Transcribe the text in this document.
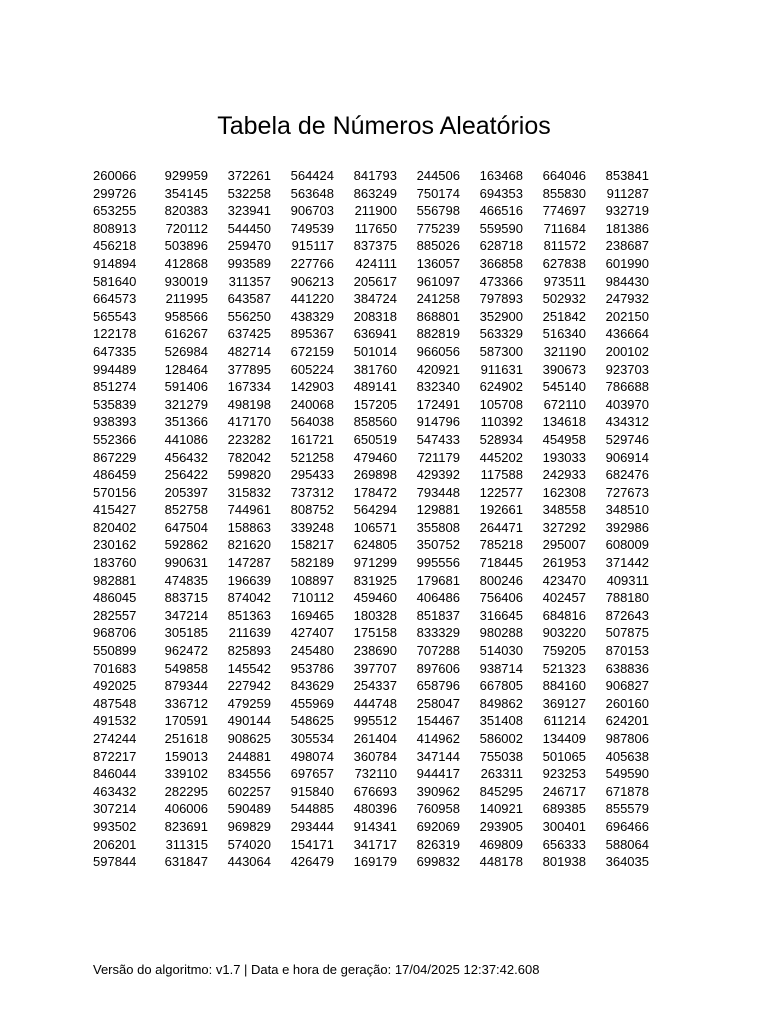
Tabela de Números Aleatórios
260066	929959	372261	564424	841793	244506	163468	664046	853841
299726	354145	532258	563648	863249	750174	694353	855830	911287
653255	820383	323941	906703	211900	556798	466516	774697	932719
808913	720112	544450	749539	117650	775239	559590	711684	181386
456218	503896	259470	915117	837375	885026	628718	811572	238687
914894	412868	993589	227766	424111	136057	366858	627838	601990
581640	930019	311357	906213	205617	961097	473366	973511	984430
664573	211995	643587	441220	384724	241258	797893	502932	247932
565543	958566	556250	438329	208318	868801	352900	251842	202150
122178	616267	637425	895367	636941	882819	563329	516340	436664
647335	526984	482714	672159	501014	966056	587300	321190	200102
994489	128464	377895	605224	381760	420921	911631	390673	923703
851274	591406	167334	142903	489141	832340	624902	545140	786688
535839	321279	498198	240068	157205	172491	105708	672110	403970
938393	351366	417170	564038	858560	914796	110392	134618	434312
552366	441086	223282	161721	650519	547433	528934	454958	529746
867229	456432	782042	521258	479460	721179	445202	193033	906914
486459	256422	599820	295433	269898	429392	117588	242933	682476
570156	205397	315832	737312	178472	793448	122577	162308	727673
415427	852758	744961	808752	564294	129881	192661	348558	348510
820402	647504	158863	339248	106571	355808	264471	327292	392986
230162	592862	821620	158217	624805	350752	785218	295007	608009
183760	990631	147287	582189	971299	995556	718445	261953	371442
982881	474835	196639	108897	831925	179681	800246	423470	409311
486045	883715	874042	710112	459460	406486	756406	402457	788180
282557	347214	851363	169465	180328	851837	316645	684816	872643
968706	305185	211639	427407	175158	833329	980288	903220	507875
550899	962472	825893	245480	238690	707288	514030	759205	870153
701683	549858	145542	953786	397707	897606	938714	521323	638836
492025	879344	227942	843629	254337	658796	667805	884160	906827
487548	336712	479259	455969	444748	258047	849862	369127	260160
491532	170591	490144	548625	995512	154467	351408	611214	624201
274244	251618	908625	305534	261404	414962	586002	134409	987806
872217	159013	244881	498074	360784	347144	755038	501065	405638
846044	339102	834556	697657	732110	944417	263311	923253	549590
463432	282295	602257	915840	676693	390962	845295	246717	671878
307214	406006	590489	544885	480396	760958	140921	689385	855579
993502	823691	969829	293444	914341	692069	293905	300401	696466
206201	311315	574020	154171	341717	826319	469809	656333	588064
597844	631847	443064	426479	169179	699832	448178	801938	364035
Versão do algoritmo: v1.7 | Data e hora de geração: 17/04/2025 12:37:42.608
